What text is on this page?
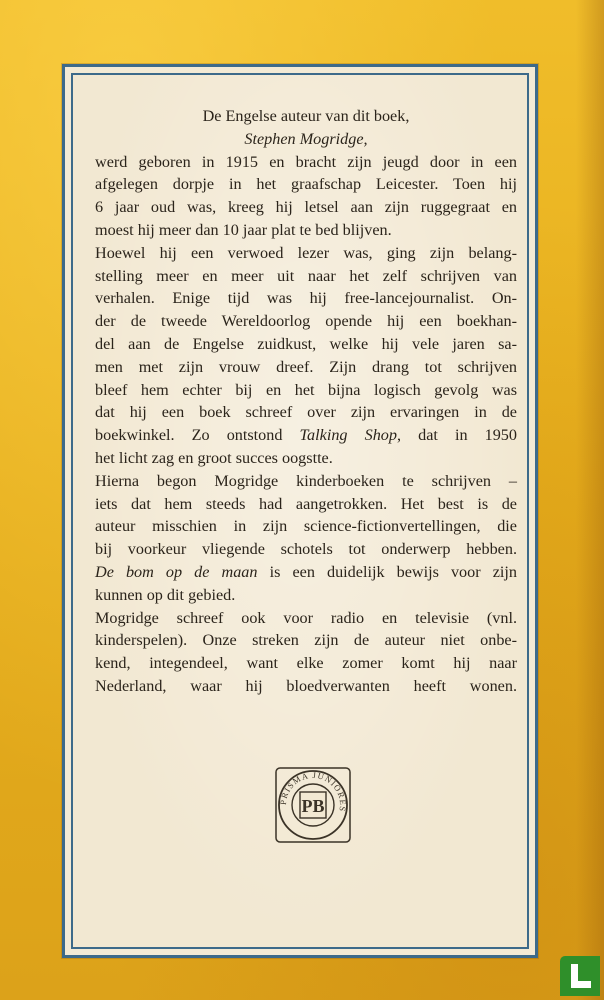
De Engelse auteur van dit boek,
Stephen Mogridge,
werd geboren in 1915 en bracht zijn jeugd door in een
afgelegen dorpje in het graafschap Leicester. Toen hij
6 jaar oud was, kreeg hij letsel aan zijn ruggegraat en
moest hij meer dan 10 jaar plat te bed blijven.
Hoewel hij een verwoed lezer was, ging zijn belang-
stelling meer en meer uit naar het zelf schrijven van
verhalen. Enige tijd was hij free-lancejournalist. On-
der de tweede Wereldoorlog opende hij een boekhan-
del aan de Engelse zuidkust, welke hij vele jaren sa-
men met zijn vrouw dreef. Zijn drang tot schrijven
bleef hem echter bij en het bijna logisch gevolg was
dat hij een boek schreef over zijn ervaringen in de
boekwinkel. Zo ontstond Talking Shop, dat in 1950
het licht zag en groot succes oogstte.
Hierna begon Mogridge kinderboeken te schrijven –
iets dat hem steeds had aangetrokken. Het best is de
auteur misschien in zijn science-fictionvertellingen, die
bij voorkeur vliegende schotels tot onderwerp hebben.
De bom op de maan is een duidelijk bewijs voor zijn
kunnen op dit gebied.
Mogridge schreef ook voor radio en televisie (vnl.
kinderspelen). Onze streken zijn de auteur niet onbe-
kend, integendeel, want elke zomer komt hij naar
Nederland, waar hij bloedverwanten heeft wonen.
PRISMA JUNIORES
PB
